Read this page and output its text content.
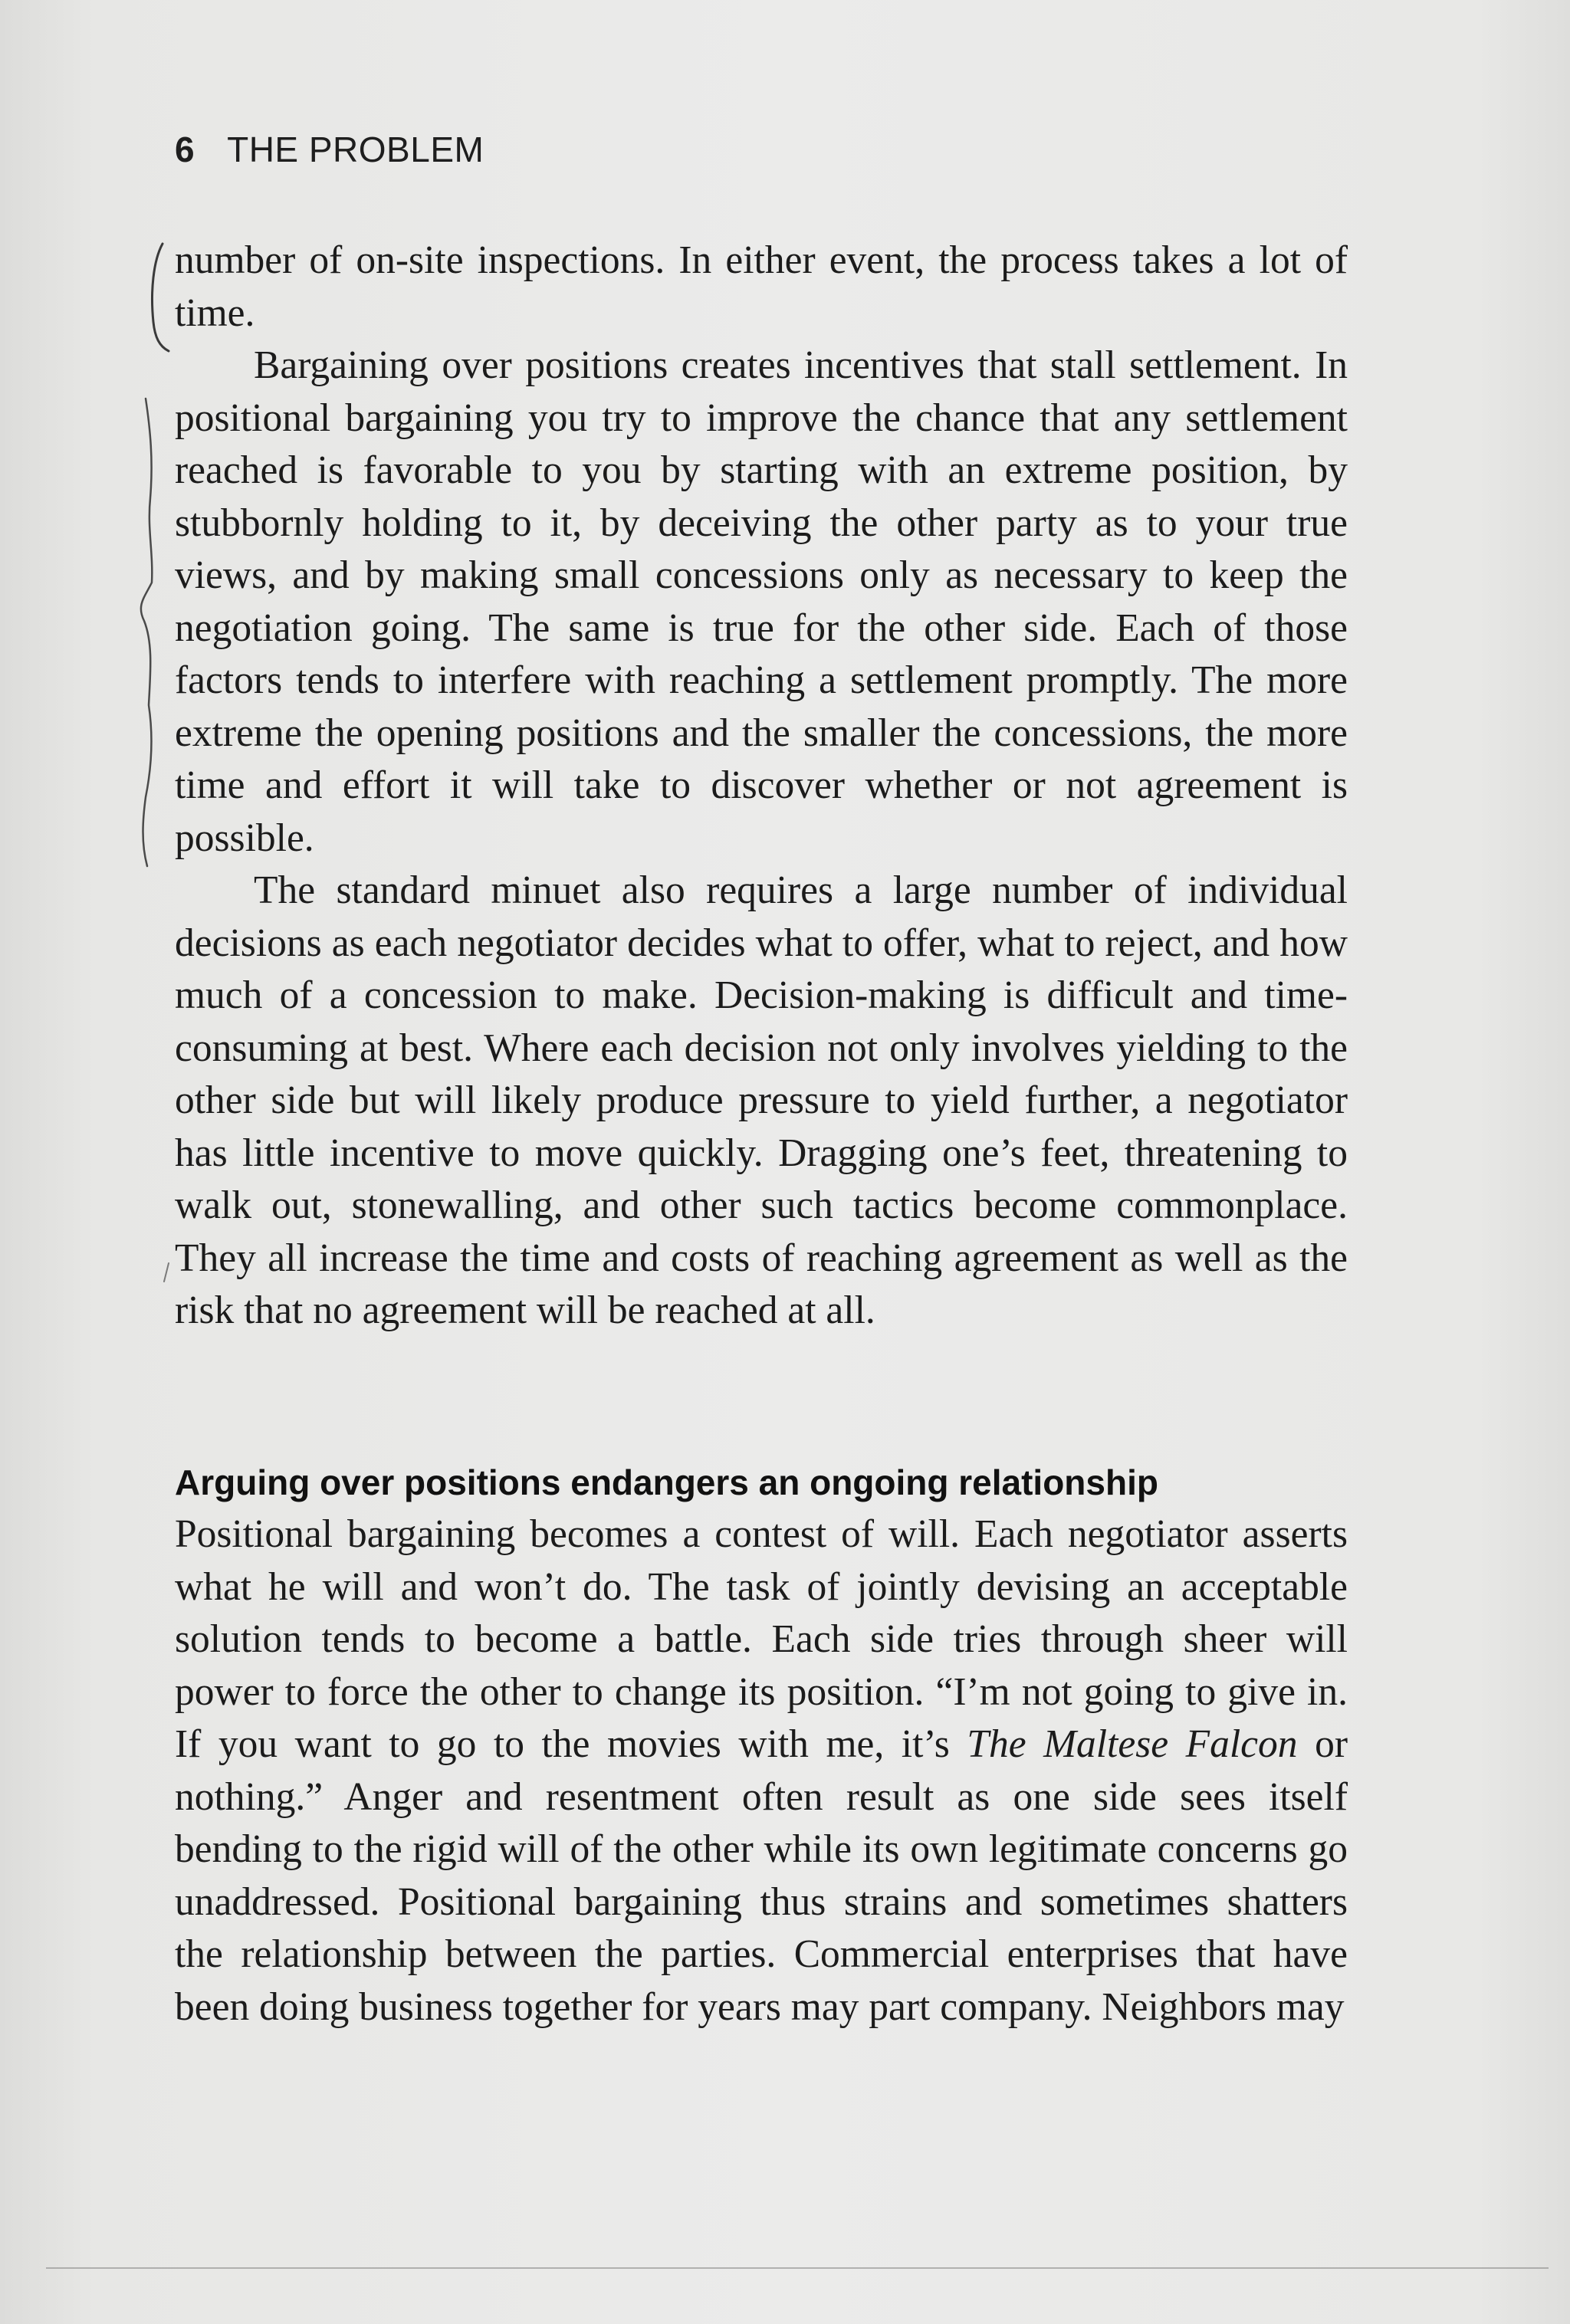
6 THE PROBLEM

number of on-site inspections. In either event, the process takes a lot of time.

Bargaining over positions creates incentives that stall settlement. In positional bargaining you try to improve the chance that any settlement reached is favorable to you by starting with an extreme position, by stubbornly holding to it, by deceiving the other party as to your true views, and by making small concessions only as necessary to keep the negotiation going. The same is true for the other side. Each of those factors tends to interfere with reaching a settlement promptly. The more extreme the opening positions and the smaller the concessions, the more time and effort it will take to discover whether or not agreement is possible.

The standard minuet also requires a large number of individual decisions as each negotiator decides what to offer, what to reject, and how much of a concession to make. Decision-making is difficult and time-consuming at best. Where each decision not only involves yielding to the other side but will likely produce pressure to yield further, a negotiator has little incentive to move quickly. Dragging one’s feet, threatening to walk out, stonewalling, and other such tactics become commonplace. They all increase the time and costs of reaching agreement as well as the risk that no agreement will be reached at all.

Arguing over positions endangers an ongoing relationship

Positional bargaining becomes a contest of will. Each negotiator asserts what he will and won’t do. The task of jointly devising an acceptable solution tends to become a battle. Each side tries through sheer will power to force the other to change its position. “I’m not going to give in. If you want to go to the movies with me, it’s The Maltese Falcon or nothing.” Anger and resentment often result as one side sees itself bending to the rigid will of the other while its own legitimate concerns go unaddressed. Positional bargaining thus strains and sometimes shatters the relationship between the parties. Commercial enterprises that have been doing business together for years may part company. Neighbors may
